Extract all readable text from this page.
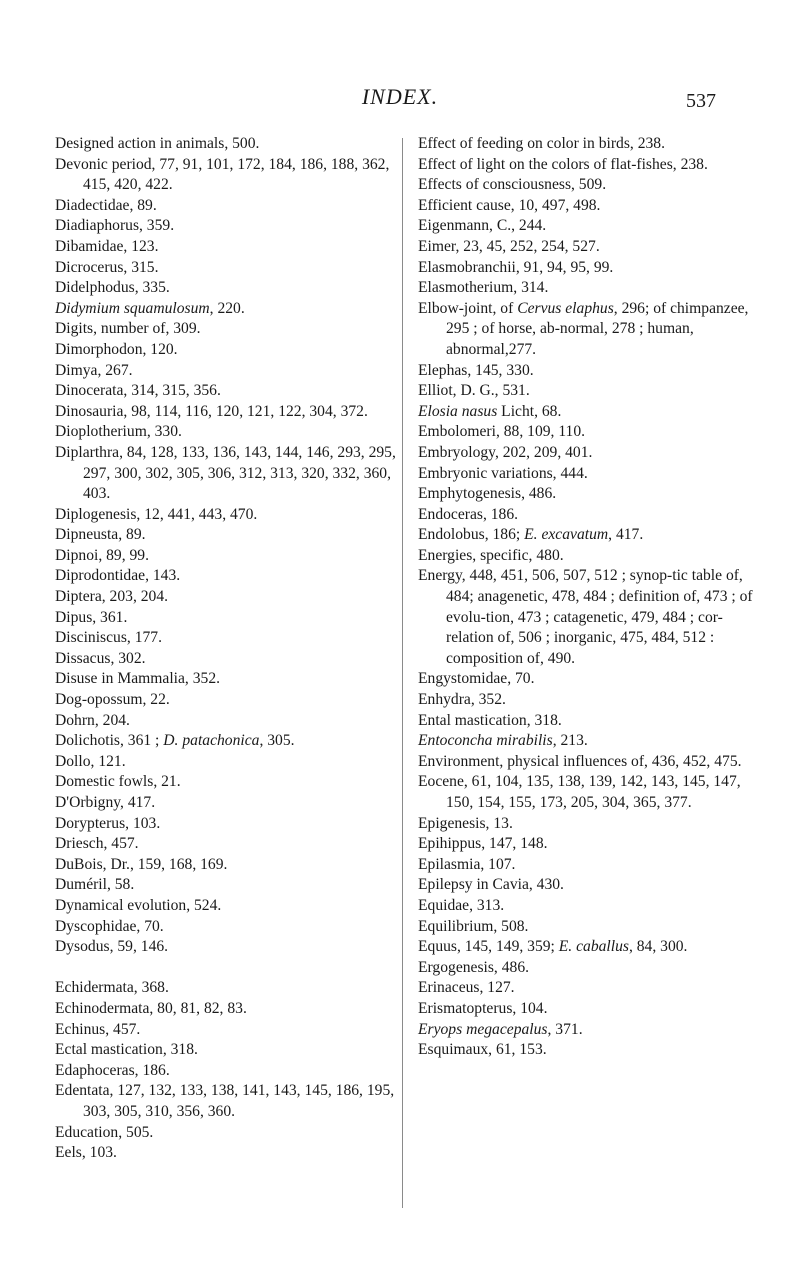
INDEX.	537
Designed action in animals, 500.
Devonic period, 77, 91, 101, 172, 184, 186, 188, 362, 415, 420, 422.
Diadectidae, 89.
Diadiaphorus, 359.
Dibamidae, 123.
Dicrocerus, 315.
Didelphodus, 335.
Didymium squamulosum, 220.
Digits, number of, 309.
Dimorphodon, 120.
Dimya, 267.
Dinocerata, 314, 315, 356.
Dinosauria, 98, 114, 116, 120, 121, 122, 304, 372.
Dioplotherium, 330.
Diplarthra, 84, 128, 133, 136, 143, 144, 146, 293, 295, 297, 300, 302, 305, 306, 312, 313, 320, 332, 360, 403.
Diplogenesis, 12, 441, 443, 470.
Dipneusta, 89.
Dipnoi, 89, 99.
Diprodontidae, 143.
Diptera, 203, 204.
Dipus, 361.
Disciniscus, 177.
Dissacus, 302.
Disuse in Mammalia, 352.
Dog-opossum, 22.
Dohrn, 204.
Dolichotis, 361 ; D. patachonica, 305.
Dollo, 121.
Domestic fowls, 21.
D'Orbigny, 417.
Dorypterus, 103.
Driesch, 457.
DuBois, Dr., 159, 168, 169.
Duméril, 58.
Dynamical evolution, 524.
Dyscophidae, 70.
Dysodus, 59, 146.
Echidermata, 368.
Echinodermata, 80, 81, 82, 83.
Echinus, 457.
Ectal mastication, 318.
Edaphoceras, 186.
Edentata, 127, 132, 133, 138, 141, 143, 145, 186, 195, 303, 305, 310, 356, 360.
Education, 505.
Eels, 103.
Effect of feeding on color in birds, 238.
Effect of light on the colors of flat-fishes, 238.
Effects of consciousness, 509.
Efficient cause, 10, 497, 498.
Eigenmann, C., 244.
Eimer, 23, 45, 252, 254, 527.
Elasmobranchii, 91, 94, 95, 99.
Elasmotherium, 314.
Elbow-joint, of Cervus elaphus, 296; of chimpanzee, 295 ; of horse, ab-normal, 278 ; human, abnormal,277.
Elephas, 145, 330.
Elliot, D. G., 531.
Elosia nasus Licht, 68.
Embolomeri, 88, 109, 110.
Embryology, 202, 209, 401.
Embryonic variations, 444.
Emphytogenesis, 486.
Endoceras, 186.
Endolobus, 186; E. excavatum, 417.
Energies, specific, 480.
Energy, 448, 451, 506, 507, 512 ; synop-tic table of, 484; anagenetic, 478, 484 ; definition of, 473 ; of evolu-tion, 473 ; catagenetic, 479, 484 ; cor-relation of, 506 ; inorganic, 475, 484, 512 : composition of, 490.
Engystomidae, 70.
Enhydra, 352.
Ental mastication, 318.
Entoconcha mirabilis, 213.
Environment, physical influences of, 436, 452, 475.
Eocene, 61, 104, 135, 138, 139, 142, 143, 145, 147, 150, 154, 155, 173, 205, 304, 365, 377.
Epigenesis, 13.
Epihippus, 147, 148.
Epilasmia, 107.
Epilepsy in Cavia, 430.
Equidae, 313.
Equilibrium, 508.
Equus, 145, 149, 359; E. caballus, 84, 300.
Ergogenesis, 486.
Erinaceus, 127.
Erismatopterus, 104.
Eryops megacepalus, 371.
Esquimaux, 61, 153.
